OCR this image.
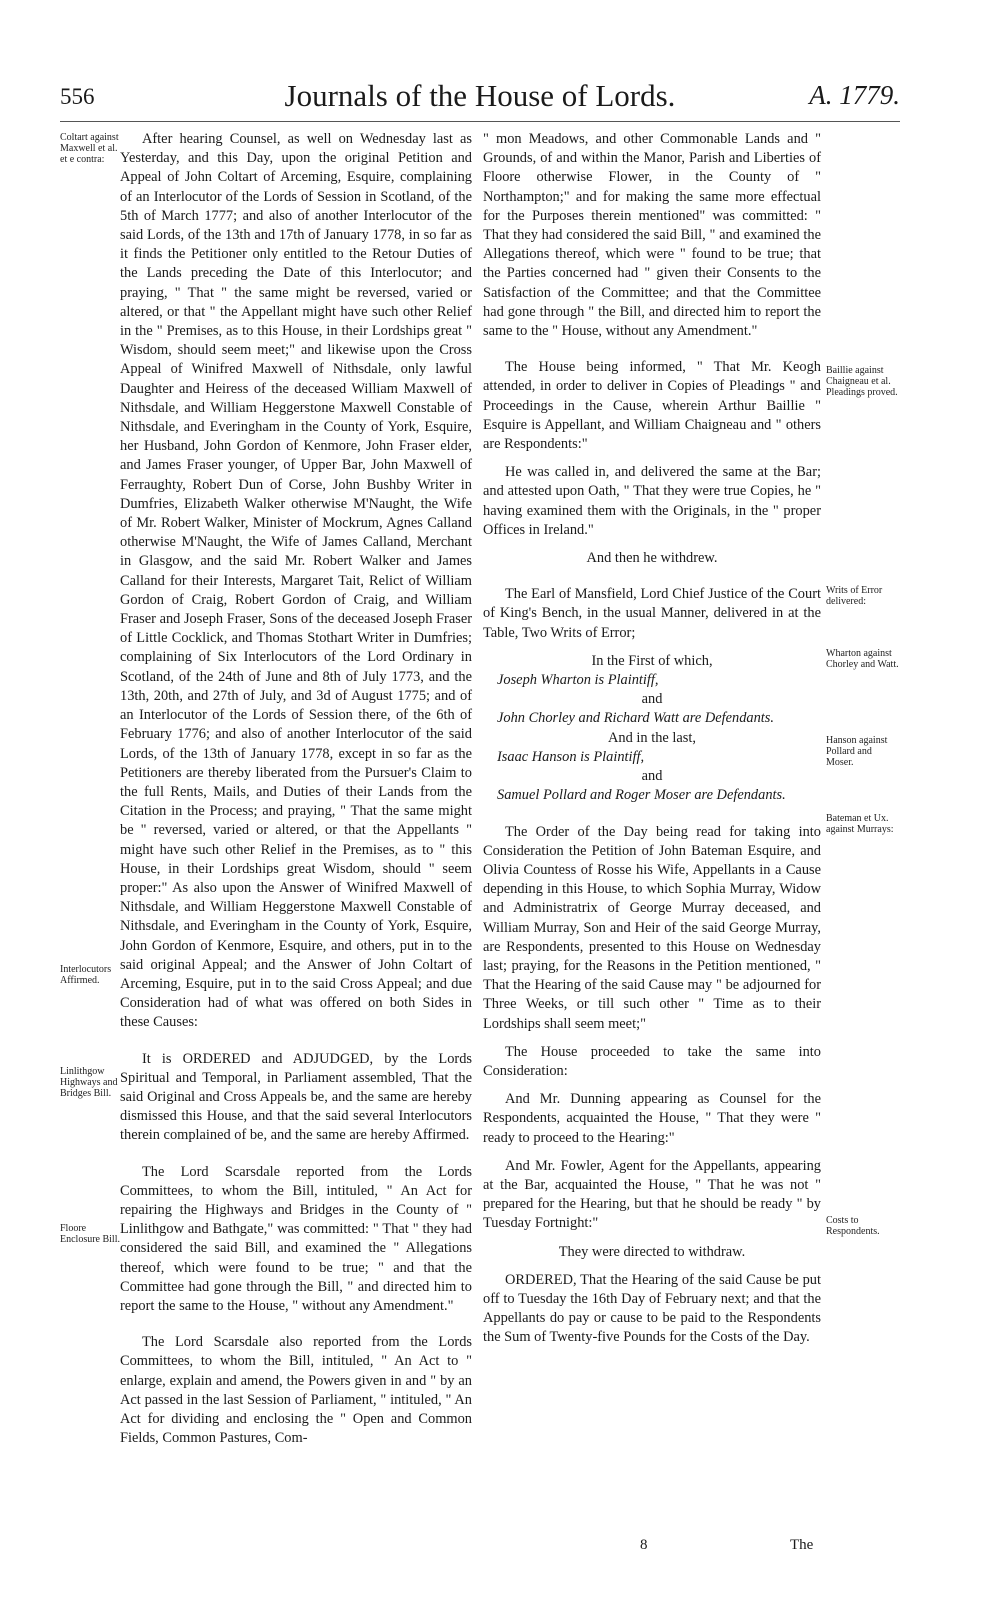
556	Journals of the House of Lords.	A. 1779.
Coltart against Maxwell et al. et e contra:
Interlocutors Affirmed.
Linlithgow Highways and Bridges Bill.
Floore Enclosure Bill.
Baillie against Chaigneau et al. Pleadings proved.
Writs of Error delivered:
Wharton against Chorley and Watt.
Hanson against Pollard and Moser.
Bateman et Ux. against Murrays:
Costs to Respondents.

After hearing Counsel, as well on Wednesday last as Yesterday, and this Day, upon the original Petition and Appeal of John Coltart of Arceming, Esquire, complaining of an Interlocutor of the Lords of Session in Scotland, of the 5th of March 1777; and also of another Interlocutor of the said Lords, of the 13th and 17th of January 1778, in so far as it finds the Petitioner only entitled to the Retour Duties of the Lands preceding the Date of this Interlocutor; and praying, " That " the same might be reversed, varied or altered, or that " the Appellant might have such other Relief in the " Premises, as to this House, in their Lordships great " Wisdom, should seem meet;" and likewise upon the Cross Appeal of Winifred Maxwell of Nithsdale, only lawful Daughter and Heiress of the deceased William Maxwell of Nithsdale, and William Heggerstone Maxwell Constable of Nithsdale, and Everingham in the County of York, Esquire, her Husband, John Gordon of Kenmore, John Fraser elder, and James Fraser younger, of Upper Bar, John Maxwell of Ferraughty, Robert Dun of Corse, John Bushby Writer in Dumfries, Elizabeth Walker otherwise M'Naught, the Wife of Mr. Robert Walker, Minister of Mockrum, Agnes Calland otherwise M'Naught, the Wife of James Calland, Merchant in Glasgow, and the said Mr. Robert Walker and James Calland for their Interests, Margaret Tait, Relict of William Gordon of Craig, Robert Gordon of Craig, and William Fraser and Joseph Fraser, Sons of the deceased Joseph Fraser of Little Cocklick, and Thomas Stothart Writer in Dumfries; complaining of Six Interlocutors of the Lord Ordinary in Scotland, of the 24th of June and 8th of July 1773, and the 13th, 20th, and 27th of July, and 3d of August 1775; and of an Interlocutor of the Lords of Session there, of the 6th of February 1776; and also of another Interlocutor of the said Lords, of the 13th of January 1778, except in so far as the Petitioners are thereby liberated from the Pursuer's Claim to the full Rents, Mails, and Duties of their Lands from the Citation in the Process; and praying, " That the same might be " reversed, varied or altered, or that the Appellants " might have such other Relief in the Premises, as to " this House, in their Lordships great Wisdom, should " seem proper:" As also upon the Answer of Winifred Maxwell of Nithsdale, and William Heggerstone Maxwell Constable of Nithsdale, and Everingham in the County of York, Esquire, John Gordon of Kenmore, Esquire, and others, put in to the said original Appeal; and the Answer of John Coltart of Arceming, Esquire, put in to the said Cross Appeal; and due Consideration had of what was offered on both Sides in these Causes:

It is ORDERED and ADJUDGED, by the Lords Spiritual and Temporal, in Parliament assembled, That the said Original and Cross Appeals be, and the same are hereby dismissed this House, and that the said several Interlocutors therein complained of be, and the same are hereby Affirmed.

The Lord Scarsdale reported from the Lords Committees, to whom the Bill, intituled, " An Act for repairing the Highways and Bridges in the County of " Linlithgow and Bathgate," was committed: " That " they had considered the said Bill, and examined the " Allegations thereof, which were found to be true; " and that the Committee had gone through the Bill, " and directed him to report the same to the House, " without any Amendment."

The Lord Scarsdale also reported from the Lords Committees, to whom the Bill, intituled, " An Act to " enlarge, explain and amend, the Powers given in and " by an Act passed in the last Session of Parliament, " intituled, " An Act for dividing and enclosing the " Open and Common Fields, Common Pastures, Com-

" mon Meadows, and other Commonable Lands and " Grounds, of and within the Manor, Parish and Liberties of Floore otherwise Flower, in the County of " Northampton;" and for making the same more effectual for the Purposes therein mentioned" was committed: " That they had considered the said Bill, " and examined the Allegations thereof, which were " found to be true; that the Parties concerned had " given their Consents to the Satisfaction of the Committee; and that the Committee had gone through " the Bill, and directed him to report the same to the " House, without any Amendment."

The House being informed, " That Mr. Keogh attended, in order to deliver in Copies of Pleadings " and Proceedings in the Cause, wherein Arthur Baillie " Esquire is Appellant, and William Chaigneau and " others are Respondents:"

He was called in, and delivered the same at the Bar; and attested upon Oath, " That they were true Copies, he " having examined them with the Originals, in the " proper Offices in Ireland."

And then he withdrew.

The Earl of Mansfield, Lord Chief Justice of the Court of King's Bench, in the usual Manner, delivered in at the Table, Two Writs of Error;

In the First of which,

Joseph Wharton is Plaintiff,

and

John Chorley and Richard Watt are Defendants.

And in the last,

Isaac Hanson is Plaintiff,

and

Samuel Pollard and Roger Moser are Defendants.

The Order of the Day being read for taking into Consideration the Petition of John Bateman Esquire, and Olivia Countess of Rosse his Wife, Appellants in a Cause depending in this House, to which Sophia Murray, Widow and Administratrix of George Murray deceased, and William Murray, Son and Heir of the said George Murray, are Respondents, presented to this House on Wednesday last; praying, for the Reasons in the Petition mentioned, " That the Hearing of the said Cause may " be adjourned for Three Weeks, or till such other " Time as to their Lordships shall seem meet;"

The House proceeded to take the same into Consideration:

And Mr. Dunning appearing as Counsel for the Respondents, acquainted the House, " That they were " ready to proceed to the Hearing:"

And Mr. Fowler, Agent for the Appellants, appearing at the Bar, acquainted the House, " That he was not " prepared for the Hearing, but that he should be ready " by Tuesday Fortnight:"

They were directed to withdraw.

ORDERED, That the Hearing of the said Cause be put off to Tuesday the 16th Day of February next; and that the Appellants do pay or cause to be paid to the Respondents the Sum of Twenty-five Pounds for the Costs of the Day.

8	The
